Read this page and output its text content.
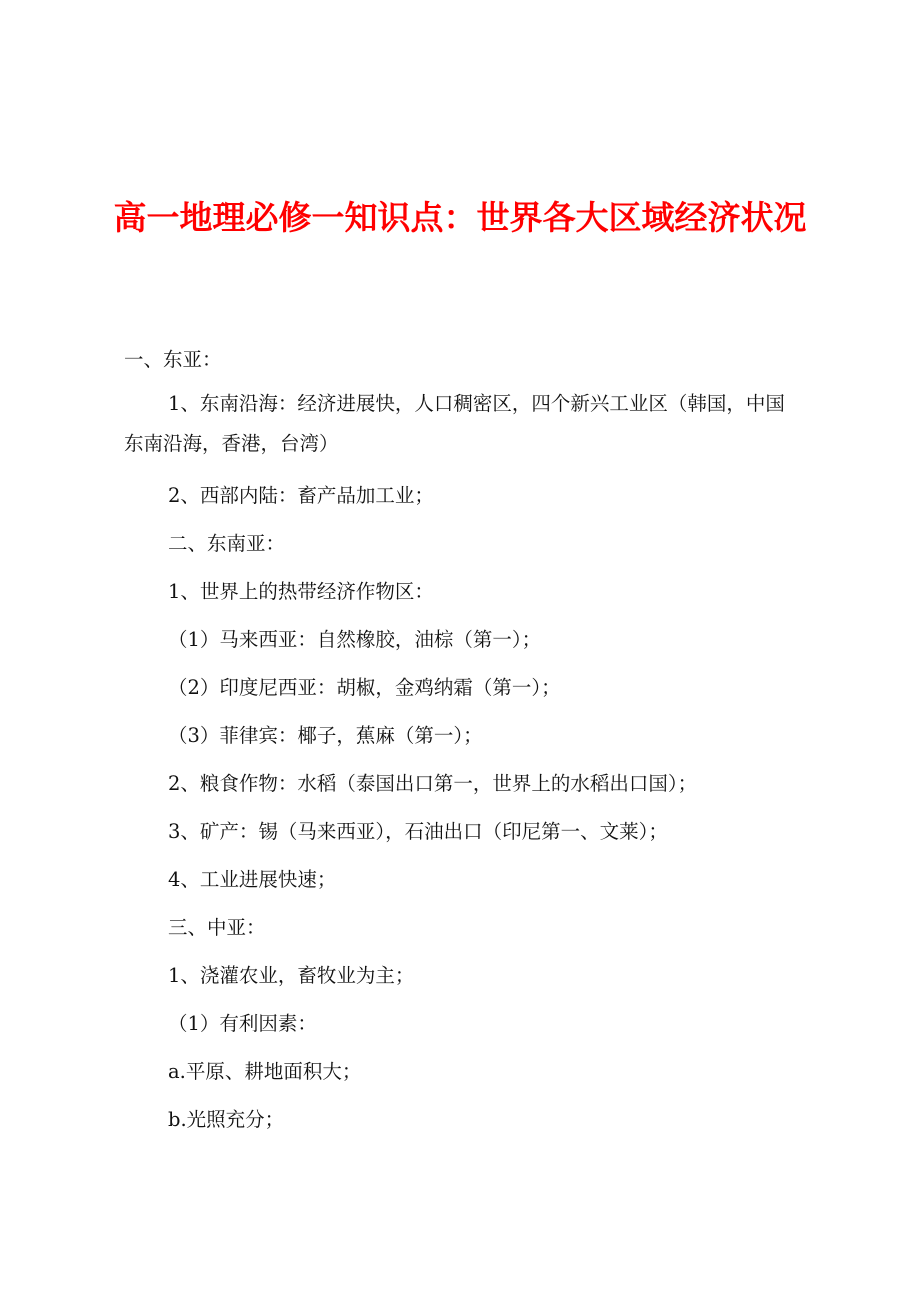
高一地理必修一知识点：世界各大区域经济状况

一、东亚：

1、东南沿海：经济进展快，人口稠密区，四个新兴工业区（韩国，中国东南沿海，香港，台湾）

2、西部内陆：畜产品加工业；

二、东南亚：

1、世界上的热带经济作物区：

（1）马来西亚：自然橡胶，油棕（第一）；

（2）印度尼西亚：胡椒，金鸡纳霜（第一）；

（3）菲律宾：椰子，蕉麻（第一）；

2、粮食作物：水稻（泰国出口第一，世界上的水稻出口国）；

3、矿产：锡（马来西亚），石油出口（印尼第一、文莱）；

4、工业进展快速；

三、中亚：

1、浇灌农业，畜牧业为主；

（1）有利因素：

a.平原、耕地面积大；

b.光照充分；
